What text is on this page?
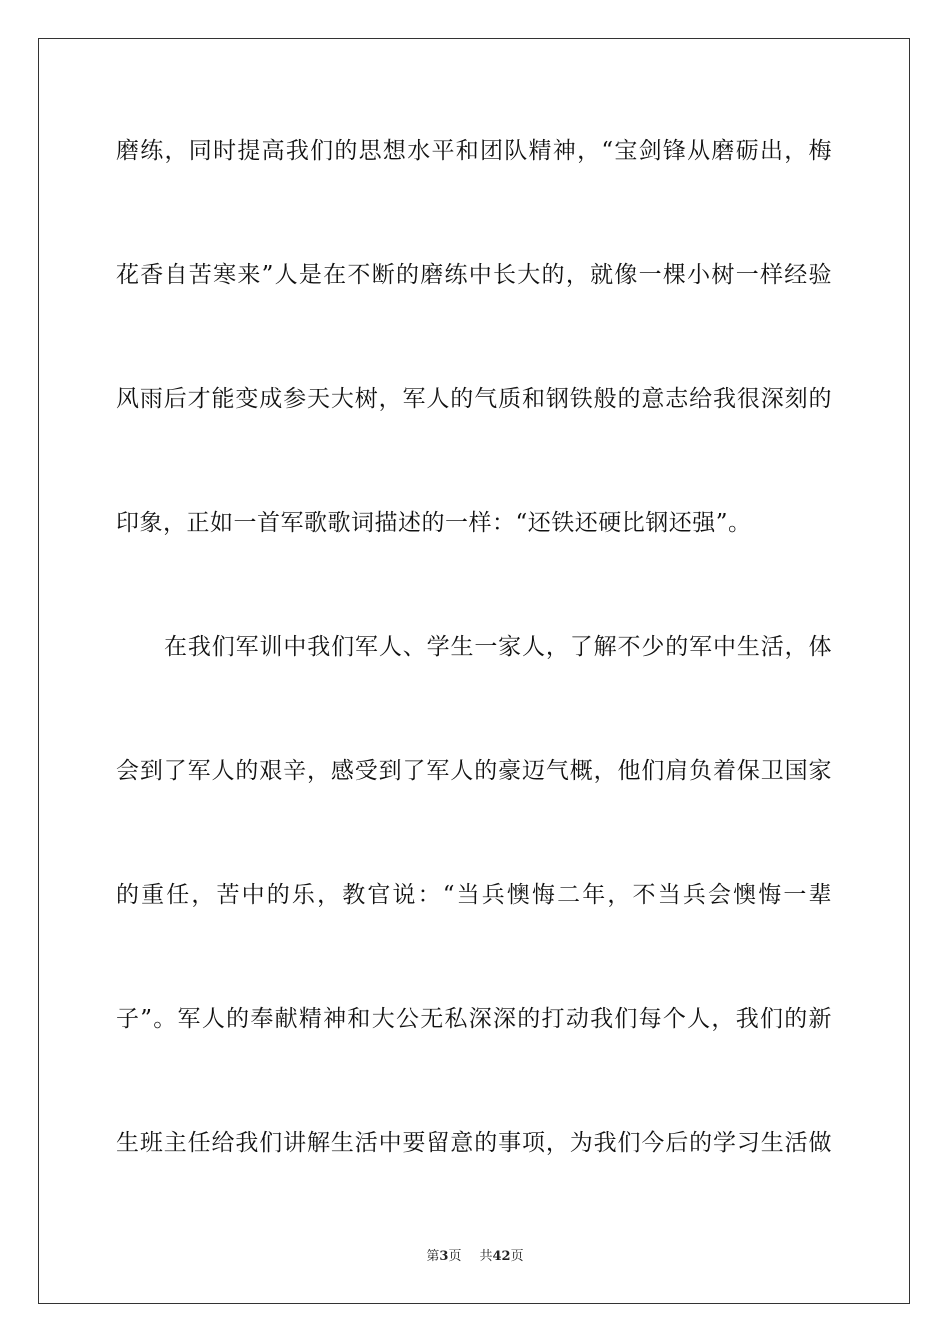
磨练，同时提高我们的思想水平和团队精神，“宝剑锋从磨砺出，梅
花香自苦寒来”人是在不断的磨练中长大的，就像一棵小树一样经验
风雨后才能变成参天大树，军人的气质和钢铁般的意志给我很深刻的
印象，正如一首军歌歌词描述的一样：“还铁还硬比钢还强”。
在我们军训中我们军人、学生一家人，了解不少的军中生活，体
会到了军人的艰辛，感受到了军人的豪迈气概，他们肩负着保卫国家
的重任，苦中的乐，教官说：“当兵懊悔二年，不当兵会懊悔一辈
子”。军人的奉献精神和大公无私深深的打动我们每个人，我们的新
生班主任给我们讲解生活中要留意的事项，为我们今后的学习生活做
第3页 共42页
